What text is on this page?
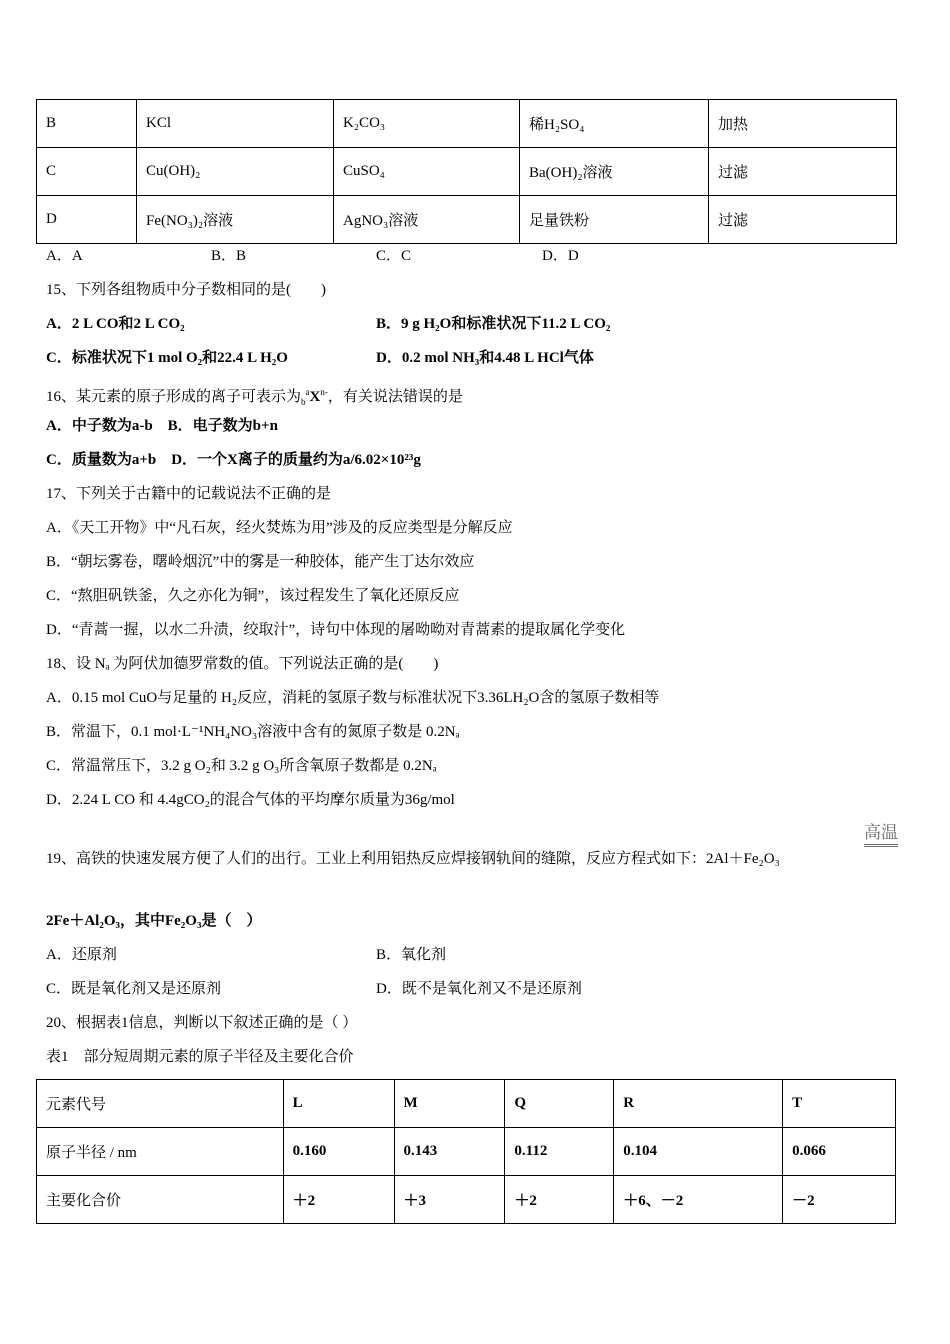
B	KCl	K₂CO₃	稀H₂SO₄	加热
C	Cu(OH)₂	CuSO₄	Ba(OH)₂溶液	过滤
D	Fe(NO₃)₂溶液	AgNO₃溶液	足量铁粉	过滤
A．A	B．B	C．C	D．D
15、下列各组物质中分子数相同的是(　　)
A．2 L CO和2 L CO₂	B．9 g H₂O和标准状况下11.2 L CO₂
C．标准状况下1 mol O₂和22.4 L H₂O	D．0.2 mol NH₃和4.48 L HCl气体
16、某元素的原子形成的离子可表示为$_b^aX^{n-}$，有关说法错误的是
A．中子数为a-b　B．电子数为b+n
C．质量数为a+b　D．一个X离子的质量约为a/6.02×10²³g
17、下列关于古籍中的记载说法不正确的是
A．《天工开物》中“凡石灰，经火焚炼为用”涉及的反应类型是分解反应
B．“朝坛雾卷，曙岭烟沉”中的雾是一种胶体，能产生丁达尔效应
C．“熬胆矾铁釜，久之亦化为铜”，该过程发生了氧化还原反应
D．“青蒿一握，以水二升渍，绞取汁”，诗句中体现的屠呦呦对青蒿素的提取属化学变化
18、设 Nₐ 为阿伏加德罗常数的值。下列说法正确的是(　　)
A．0.15 mol CuO与足量的 H₂反应，消耗的氢原子数与标准状况下3.36LH₂O含的氢原子数相等
B．常温下，0.1 mol·L⁻¹NH₄NO₃溶液中含有的氮原子数是 0.2Nₐ
C．常温常压下，3.2 g O₂和 3.2 g O₃所含氧原子数都是 0.2Nₐ
D．2.24 L CO 和 4.4gCO₂的混合气体的平均摩尔质量为36g/mol
高温
19、高铁的快速发展方便了人们的出行。工业上利用铝热反应焊接钢轨间的缝隙，反应方程式如下：2Al＋Fe₂O₃
2Fe＋Al₂O₃，其中Fe₂O₃是（　）
A．还原剂	B．氧化剂
C．既是氧化剂又是还原剂	D．既不是氧化剂又不是还原剂
20、根据表1信息，判断以下叙述正确的是（ ）
表1　部分短周期元素的原子半径及主要化合价
元素代号	L	M	Q	R	T
原子半径 / nm	0.160	0.143	0.112	0.104	0.066
主要化合价	＋2	＋3	＋2	＋6、－2	－2
